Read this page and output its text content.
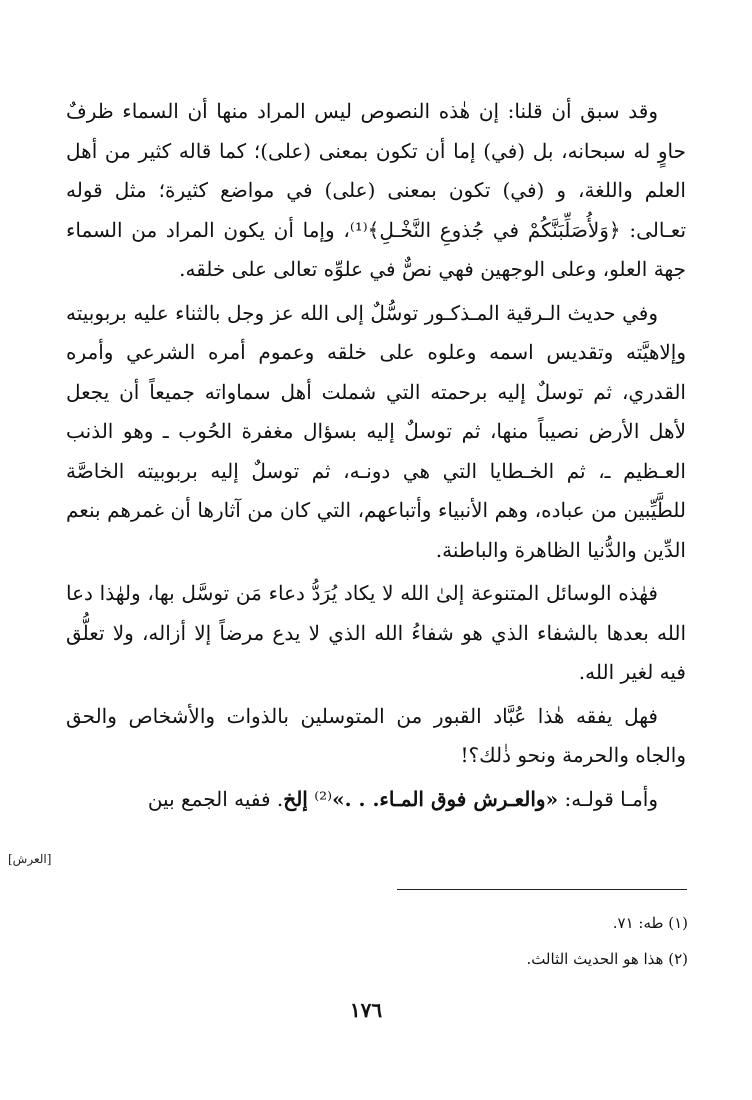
وقد سبق أن قلنا: إن هٰذه النصوص ليس المراد منها أن السماء ظرفٌ حاوٍ له سبحانه، بل (في) إما أن تكون بمعنى (على)؛ كما قاله كثير من أهل العلم واللغة، و (في) تكون بمعنى (على) في مواضع كثيرة؛ مثل قوله تعـالى: ﴿وَلأُصَلِّبَنَّكُمْ في جُذوعِ النَّخْـلِ﴾⁽¹⁾، وإما أن يكون المراد من السماء جهة العلو، وعلى الوجهين فهي نصٌّ في علوِّه تعالى على خلقه.

وفي حديث الـرقية المـذكـور توسُّلٌ إلى الله عز وجل بالثناء عليه بربوبيته وإلاهيَّته وتقديس اسمه وعلوه على خلقه وعموم أمره الشرعي وأمره القدري، ثم توسلٌ إليه برحمته التي شملت أهل سماواته جميعاً أن يجعل لأهل الأرض نصيباً منها، ثم توسلٌ إليه بسؤال مغفرة الحُوب ـ وهو الذنب العـظيم ـ، ثم الخـطايا التي هي دونـه، ثم توسلٌ إليه بربوبيته الخاصَّة للطَّيِّبين من عباده، وهم الأنبياء وأتباعهم، التي كان من آثارها أن غمرهم بنعم الدِّين والدُّنيا الظاهرة والباطنة.

فهٰذه الوسائل المتنوعة إلىٰ الله لا يكاد يُرَدُّ دعاء مَن توسَّل بها، ولهٰذا دعا الله بعدها بالشفاء الذي هو شفاءُ الله الذي لا يدع مرضاً إلا أزاله، ولا تعلُّق فيه لغير الله.

فهل يفقه هٰذا عُبَّاد القبور من المتوسلين بالذوات والأشخاص والحق والجاه والحرمة ونحو ذٰلك؟!

وأمـا قولـه: «والعـرش فوق المـاء. . .»⁽²⁾ إلخ. ففيه الجمع بين

[العرش]

(١) طه: ٧١.

(٢) هذا هو الحديث الثالث.

١٧٦
